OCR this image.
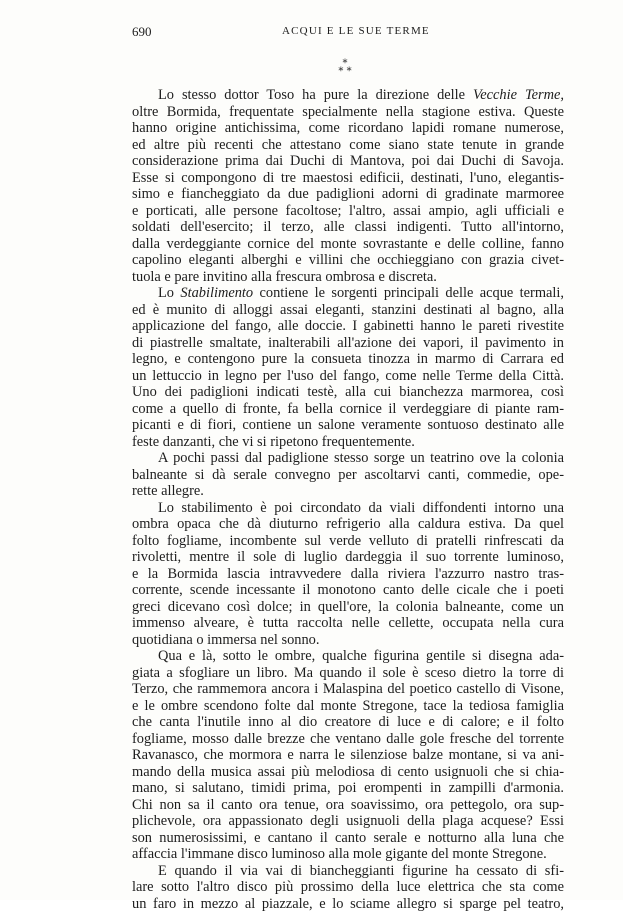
690	ACQUI E LE SUE TERME
*
* *
Lo stesso dottor Toso ha pure la direzione delle Vecchie Terme,
oltre Bormida, frequentate specialmente nella stagione estiva. Queste
hanno origine antichissima, come ricordano lapidi romane numerose,
ed altre più recenti che attestano come siano state tenute in grande
considerazione prima dai Duchi di Mantova, poi dai Duchi di Savoja.
Esse si compongono di tre maestosi edificii, destinati, l'uno, elegantis-
simo e fiancheggiato da due padiglioni adorni di gradinate marmoree
e porticati, alle persone facoltose; l'altro, assai ampio, agli ufficiali e
soldati dell'esercito; il terzo, alle classi indigenti. Tutto all'intorno,
dalla verdeggiante cornice del monte sovrastante e delle colline, fanno
capolino eleganti alberghi e villini che occhieggiano con grazia civet-
tuola e pare invitino alla frescura ombrosa e discreta.
Lo Stabilimento contiene le sorgenti principali delle acque termali,
ed è munito di alloggi assai eleganti, stanzini destinati al bagno, alla
applicazione del fango, alle doccie. I gabinetti hanno le pareti rivestite
di piastrelle smaltate, inalterabili all'azione dei vapori, il pavimento in
legno, e contengono pure la consueta tinozza in marmo di Carrara ed
un lettuccio in legno per l'uso del fango, come nelle Terme della Città.
Uno dei padiglioni indicati testè, alla cui bianchezza marmorea, così
come a quello di fronte, fa bella cornice il verdeggiare di piante ram-
picanti e di fiori, contiene un salone veramente sontuoso destinato alle
feste danzanti, che vi si ripetono frequentemente.
A pochi passi dal padiglione stesso sorge un teatrino ove la colonia
balneante si dà serale convegno per ascoltarvi canti, commedie, ope-
rette allegre.
Lo stabilimento è poi circondato da viali diffondenti intorno una
ombra opaca che dà diuturno refrigerio alla caldura estiva. Da quel
folto fogliame, incombente sul verde velluto di pratelli rinfrescati da
rivoletti, mentre il sole di luglio dardeggia il suo torrente luminoso,
e la Bormida lascia intravvedere dalla riviera l'azzurro nastro tras-
corrente, scende incessante il monotono canto delle cicale che i poeti
greci dicevano così dolce; in quell'ore, la colonia balneante, come un
immenso alveare, è tutta raccolta nelle cellette, occupata nella cura
quotidiana o immersa nel sonno.
Qua e là, sotto le ombre, qualche figurina gentile si disegna ada-
giata a sfogliare un libro. Ma quando il sole è sceso dietro la torre di
Terzo, che rammemora ancora i Malaspina del poetico castello di Visone,
e le ombre scendono folte dal monte Stregone, tace la tediosa famiglia
che canta l'inutile inno al dio creatore di luce e di calore; e il folto
fogliame, mosso dalle brezze che ventano dalle gole fresche del torrente
Ravanasco, che mormora e narra le silenziose balze montane, si va ani-
mando della musica assai più melodiosa di cento usignuoli che si chia-
mano, si salutano, timidi prima, poi erompenti in zampilli d'armonia.
Chi non sa il canto ora tenue, ora soavissimo, ora pettegolo, ora sup-
plichevole, ora appassionato degli usignuoli della plaga acquese? Essi
son numerosissimi, e cantano il canto serale e notturno alla luna che
affaccia l'immane disco luminoso alla mole gigante del monte Stregone.
E quando il via vai di biancheggianti figurine ha cessato di sfi-
lare sotto l'altro disco più prossimo della luce elettrica che sta come
un faro in mezzo al piazzale, e lo sciame allegro si sparge pel teatro,
